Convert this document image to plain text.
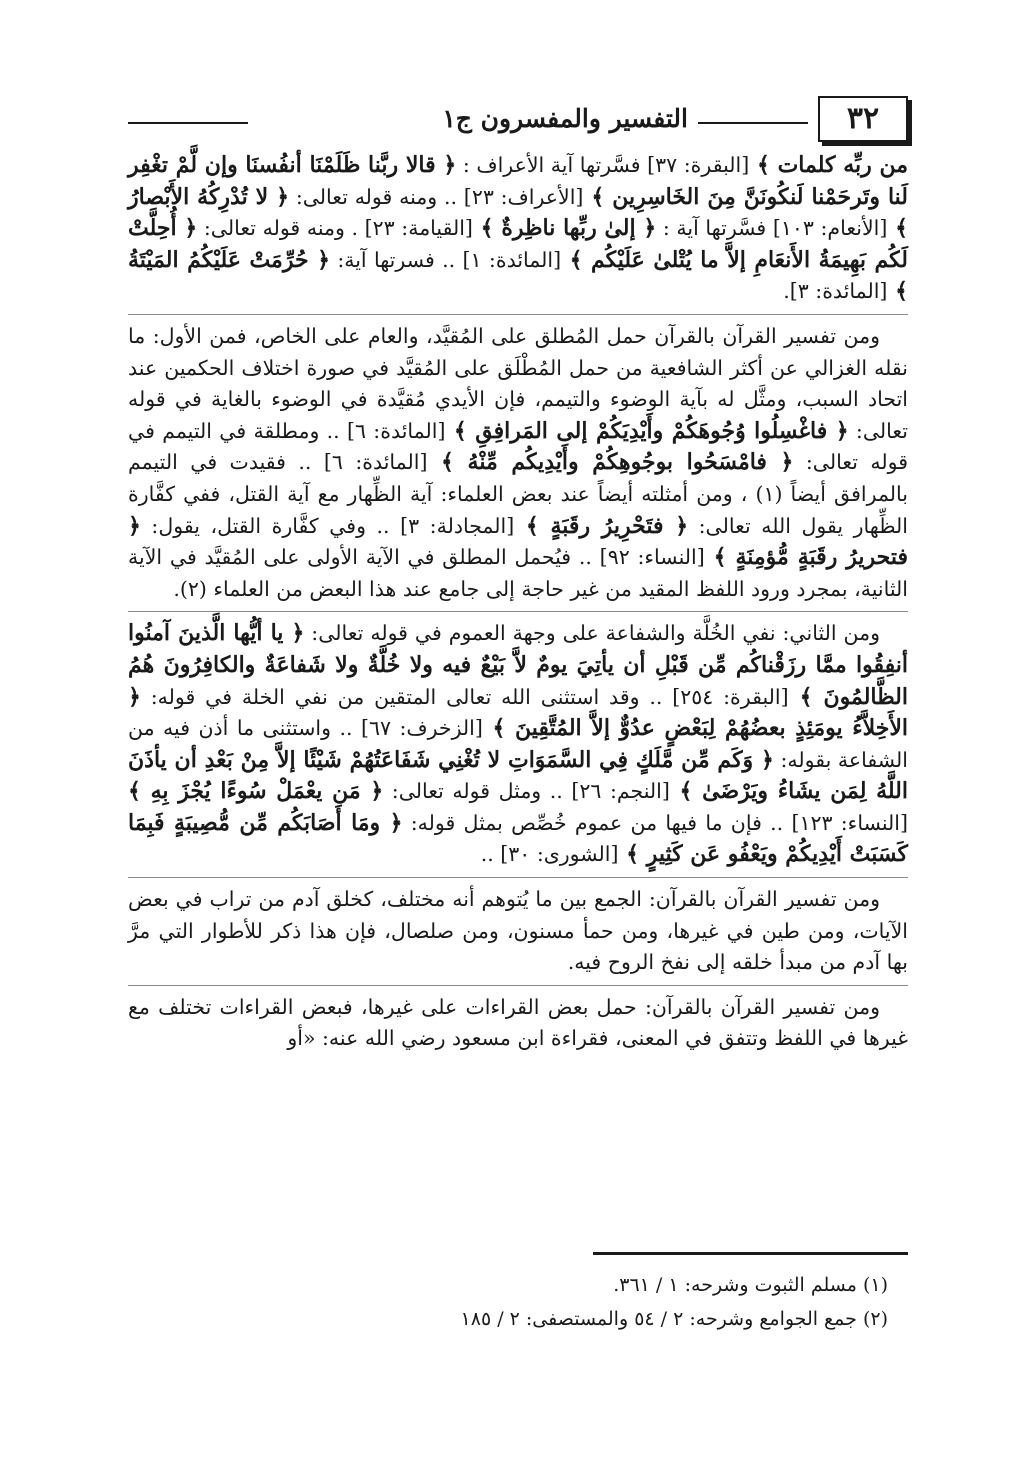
٣٢
التفسير والمفسرون ج١

من ربِّه كلمات ﴾ [البقرة: ٣٧] فسَّرتها آية الأعراف : ﴿ قالا ربَّنا ظَلَمْنَا أنفُسنَا وإن لَّمْ تغْفِر لَنا وتَرحَمْنا لَنكُونَنَّ مِنَ الخَاسِرِين ﴾ [الأعراف: ٢٣] .. ومنه قوله تعالى: ﴿ لا تُدْرِكُهُ الأَبْصارُ ﴾ [الأنعام: ١٠٣] فسَّرتها آية : ﴿ إلىٰ ربِّها ناظِرةٌ ﴾ [القيامة: ٢٣] . ومنه قوله تعالى: ﴿ أُحِلَّتْ لَكُم بَهِيمَةُ الأَنعَامِ إلاَّ ما يُتْلىٰ عَلَيْكُم ﴾ [المائدة: ١] .. فسرتها آية: ﴿ حُرِّمَتْ عَلَيْكُمُ المَيْتَةُ ﴾ [المائدة: ٣].

ومن تفسير القرآن بالقرآن حمل المُطلق على المُقيَّد، والعام على الخاص، فمن الأول: ما نقله الغزالي عن أكثر الشافعية من حمل المُطْلَق على المُقيَّد في صورة اختلاف الحكمين عند اتحاد السبب، ومثَّل له بآية الوضوء والتيمم، فإن الأيدي مُقيَّدة في الوضوء بالغاية في قوله تعالى: ﴿ فاغْسِلُوا وُجُوهَكُمْ وأَيْدِيَكُمْ إلى المَرافِقِ ﴾ [المائدة: ٦] .. ومطلقة في التيمم في قوله تعالى: ﴿ فامْسَحُوا بوجُوهِكُمْ وأَيْدِيكُم مِّنْهُ ﴾ [المائدة: ٦] .. فقيدت في التيمم بالمرافق أيضاً (١) ، ومن أمثلته أيضاً عند بعض العلماء: آية الظِّهار مع آية القتل، ففي كفَّارة الظِّهار يقول الله تعالى: ﴿ فتَحْرِيرُ رقَبَةٍ ﴾ [المجادلة: ٣] .. وفي كفَّارة القتل، يقول: ﴿ فتحريرُ رقَبَةٍ مُّؤمِنَةٍ ﴾ [النساء: ٩٢] .. فيُحمل المطلق في الآية الأولى على المُقيَّد في الآية الثانية، بمجرد ورود اللفظ المقيد من غير حاجة إلى جامع عند هذا البعض من العلماء (٢).

ومن الثاني: نفي الخُلَّة والشفاعة على وجهة العموم في قوله تعالى: ﴿ يا أيُّها الَّذينَ آمنُوا أنفِقُوا ممَّا رزَقْناكُم مِّن قَبْلِ أن يأتِيَ يومٌ لاَّ بَيْعٌ فيه ولا خُلَّةٌ ولا شَفاعَةٌ والكافِرُونَ هُمُ الظَّالمُونَ ﴾ [البقرة: ٢٥٤] .. وقد استثنى الله تعالى المتقين من نفي الخلة في قوله: ﴿ الأَخِلاَّءُ يومَئِذٍ بعضُهُمْ لِبَعْضٍ عدُوٌّ إلاَّ المُتَّقِينَ ﴾ [الزخرف: ٦٧] .. واستثنى ما أذن فيه من الشفاعة بقوله: ﴿ وَكَم مِّن مَّلَكٍ فِي السَّمَوَاتِ لا تُغْنِي شَفَاعَتُهُمْ شَيْئًا إلاَّ مِنْ بَعْدِ أن يأذَنَ اللَّهُ لِمَن يشَاءُ ويَرْضَىٰ ﴾ [النجم: ٢٦] .. ومثل قوله تعالى: ﴿ مَن يعْمَلْ سُوءًا يُجْزَ بِهِ ﴾ [النساء: ١٢٣] .. فإن ما فيها من عموم خُصِّص بمثل قوله: ﴿ ومَا أَصَابَكُم مِّن مُّصِيبَةٍ فَبِمَا كَسَبَتْ أَيْدِيكُمْ ويَعْفُو عَن كَثِيرٍ ﴾ [الشورى: ٣٠] ..

ومن تفسير القرآن بالقرآن: الجمع بين ما يُتوهم أنه مختلف، كخلق آدم من تراب في بعض الآيات، ومن طين في غيرها، ومن حمأ مسنون، ومن صلصال، فإن هذا ذكر للأطوار التي مرَّ بها آدم من مبدأ خلقه إلى نفخ الروح فيه.

ومن تفسير القرآن بالقرآن: حمل بعض القراءات على غيرها، فبعض القراءات تختلف مع غيرها في اللفظ وتتفق في المعنى، فقراءة ابن مسعود رضي الله عنه: «أو

(١) مسلم الثبوت وشرحه: ١ / ٣٦١.
(٢) جمع الجوامع وشرحه: ٢ / ٥٤ والمستصفى: ٢ / ١٨٥
